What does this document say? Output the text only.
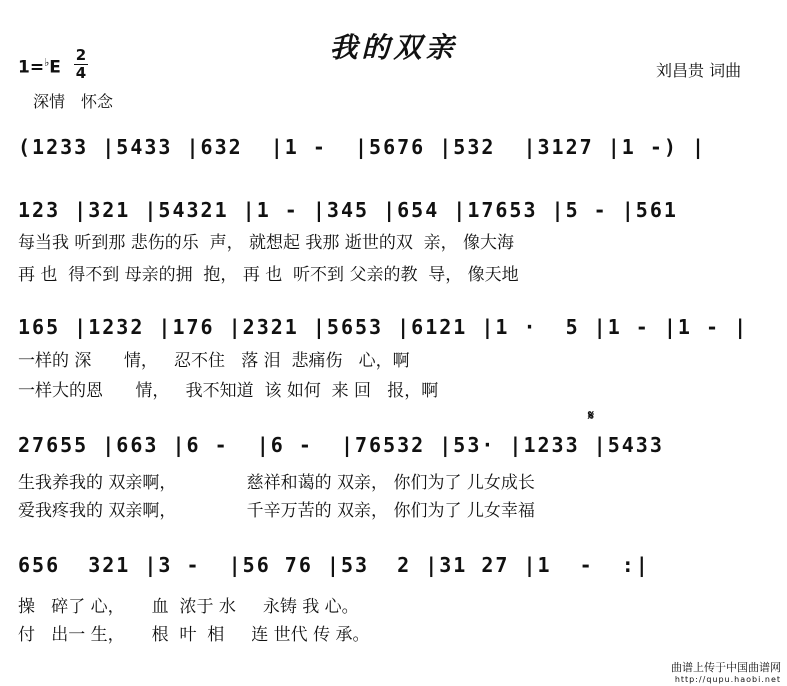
我的双亲
1=♭E
2
4
深情　怀念
刘昌贵 词曲
(1233 |5433 |632  |1 -  |5676 |532  |3127 |1 -) |
123 |321 |54321 |1 - |345 |654 |17653 |5 - |561
每当我 听到那 悲伤的乐  声， 就想起 我那 逝世的双  亲， 像大海
再 也  得不到 母亲的拥  抱， 再 也  听不到 父亲的教  导， 像天地
165 |1232 |176 |2321 |5653 |6121 |1 ·  5 |1 - |1 - |
一样的 深      情，   忍不住   落 泪  悲痛伤   心，啊
一样大的恩      情，   我不知道  该 如何  来 回   报，啊
𝄋
27655 |663 |6 -  |6 -  |76532 |53· |1233 |5433
生我养我的 双亲啊，             慈祥和蔼的 双亲， 你们为了 儿女成长
爱我疼我的 双亲啊，             千辛万苦的 双亲， 你们为了 儿女幸福
656  321 |3 -  |56 76 |53  2 |31 27 |1  -  :|
操   碎了 心，     血  浓于 水     永铸 我 心。
付   出一 生，     根  叶  相     连 世代 传 承。
曲谱上传于中国曲谱网
http://qupu.haobi.net
